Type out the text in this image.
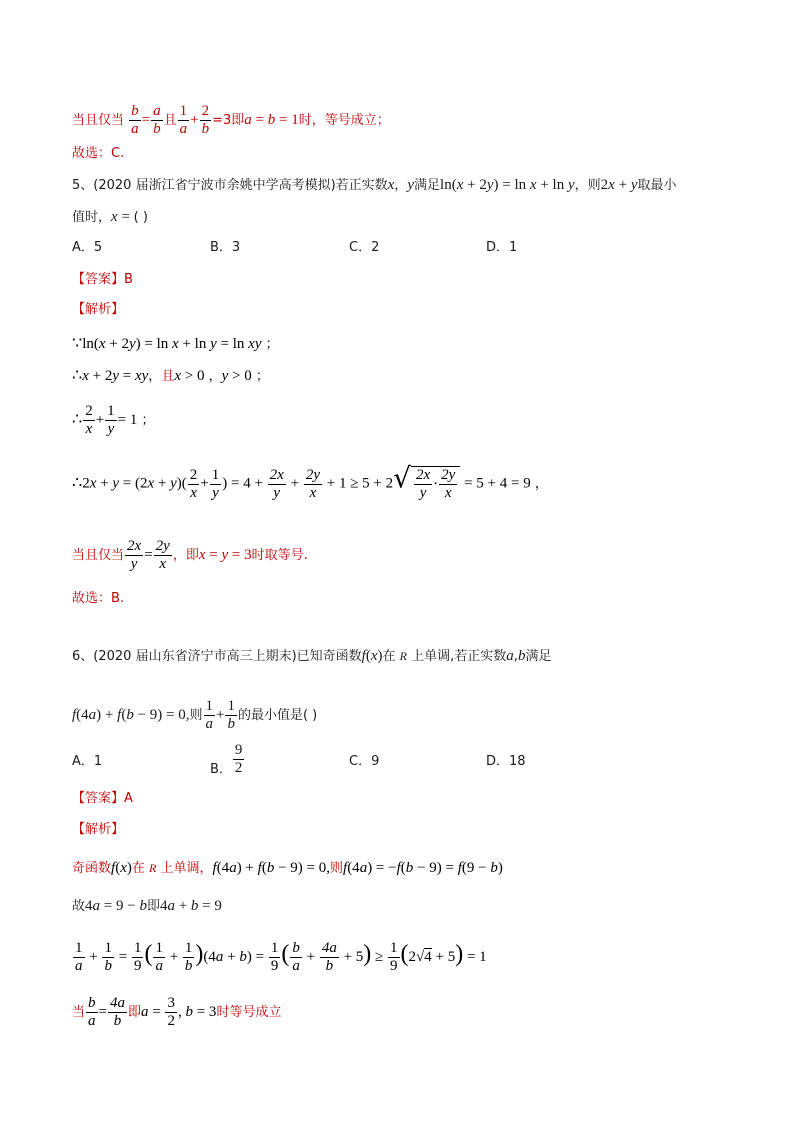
当且仅当 $\frac{b}{a} = \frac{a}{b}$ 且 $\frac{1}{a} + \frac{2}{b} =3$即a = b = 1时，等号成立；
故选：C.
5、(2020 届浙江省宁波市余姚中学高考模拟)若正实数x，y满足ln(x + 2y) = ln x + ln y，则2x + y取最小
值时，x = ( )
A．5	B．3	C．2	D．1
【答案】B
【解析】
∵ln(x + 2y) = ln x + ln y = ln xy ；
∴x + 2y = xy，且x > 0 ，y > 0 ；
∴ $\frac{2}{x} + \frac{1}{y} = 1$ ；
∴2x + $y = (2x + y)( \frac{2}{x} + \frac{1}{y}$ ) = $4 + \frac{2x}{y} + \frac{2y}{x} + 1 \ge 5 + 2√ \frac{2x}{y} \cdot \frac{2y}{x} = 5 + 4 = 9$ ，
当且仅当 $\frac{2x}{y} = \frac{2y}{x}$ ，即x = y = 3时取等号.
故选：B.
6、(2020 届山东省济宁市高三上期末)已知奇函数f(x)在 R 上单调,若正实数a,b满足
f(4a) + f(b − 9) = 0,则 $\frac{1}{a} + \frac{1}{b}$ 的最小值是( )
A．1
B． $\frac{9}{2}$	C．9	D．18
【答案】A
【解析】
奇函数f(x)在 R 上单调，f(4a) + f(b − 9) = 0,则f(4a) = −f(b − 9) = f(9 − b)
故4a = 9 − b即4a + b = 9
$\frac{1}{a} + \frac{1}{b} = \frac{1}{9}$ ( $\frac{1}{a} + \frac{1}{b} )(4a + b) = \frac{1}{9}$ ( $\frac{b}{a} + \frac{4a}{b} + 5) \ge \frac{1}{9} (2√4 + 5) = 1$
当 $\frac{b}{a} = \frac{4a}{b}$ 即$a = \frac{3}{2}$ , b = 3时等号成立
